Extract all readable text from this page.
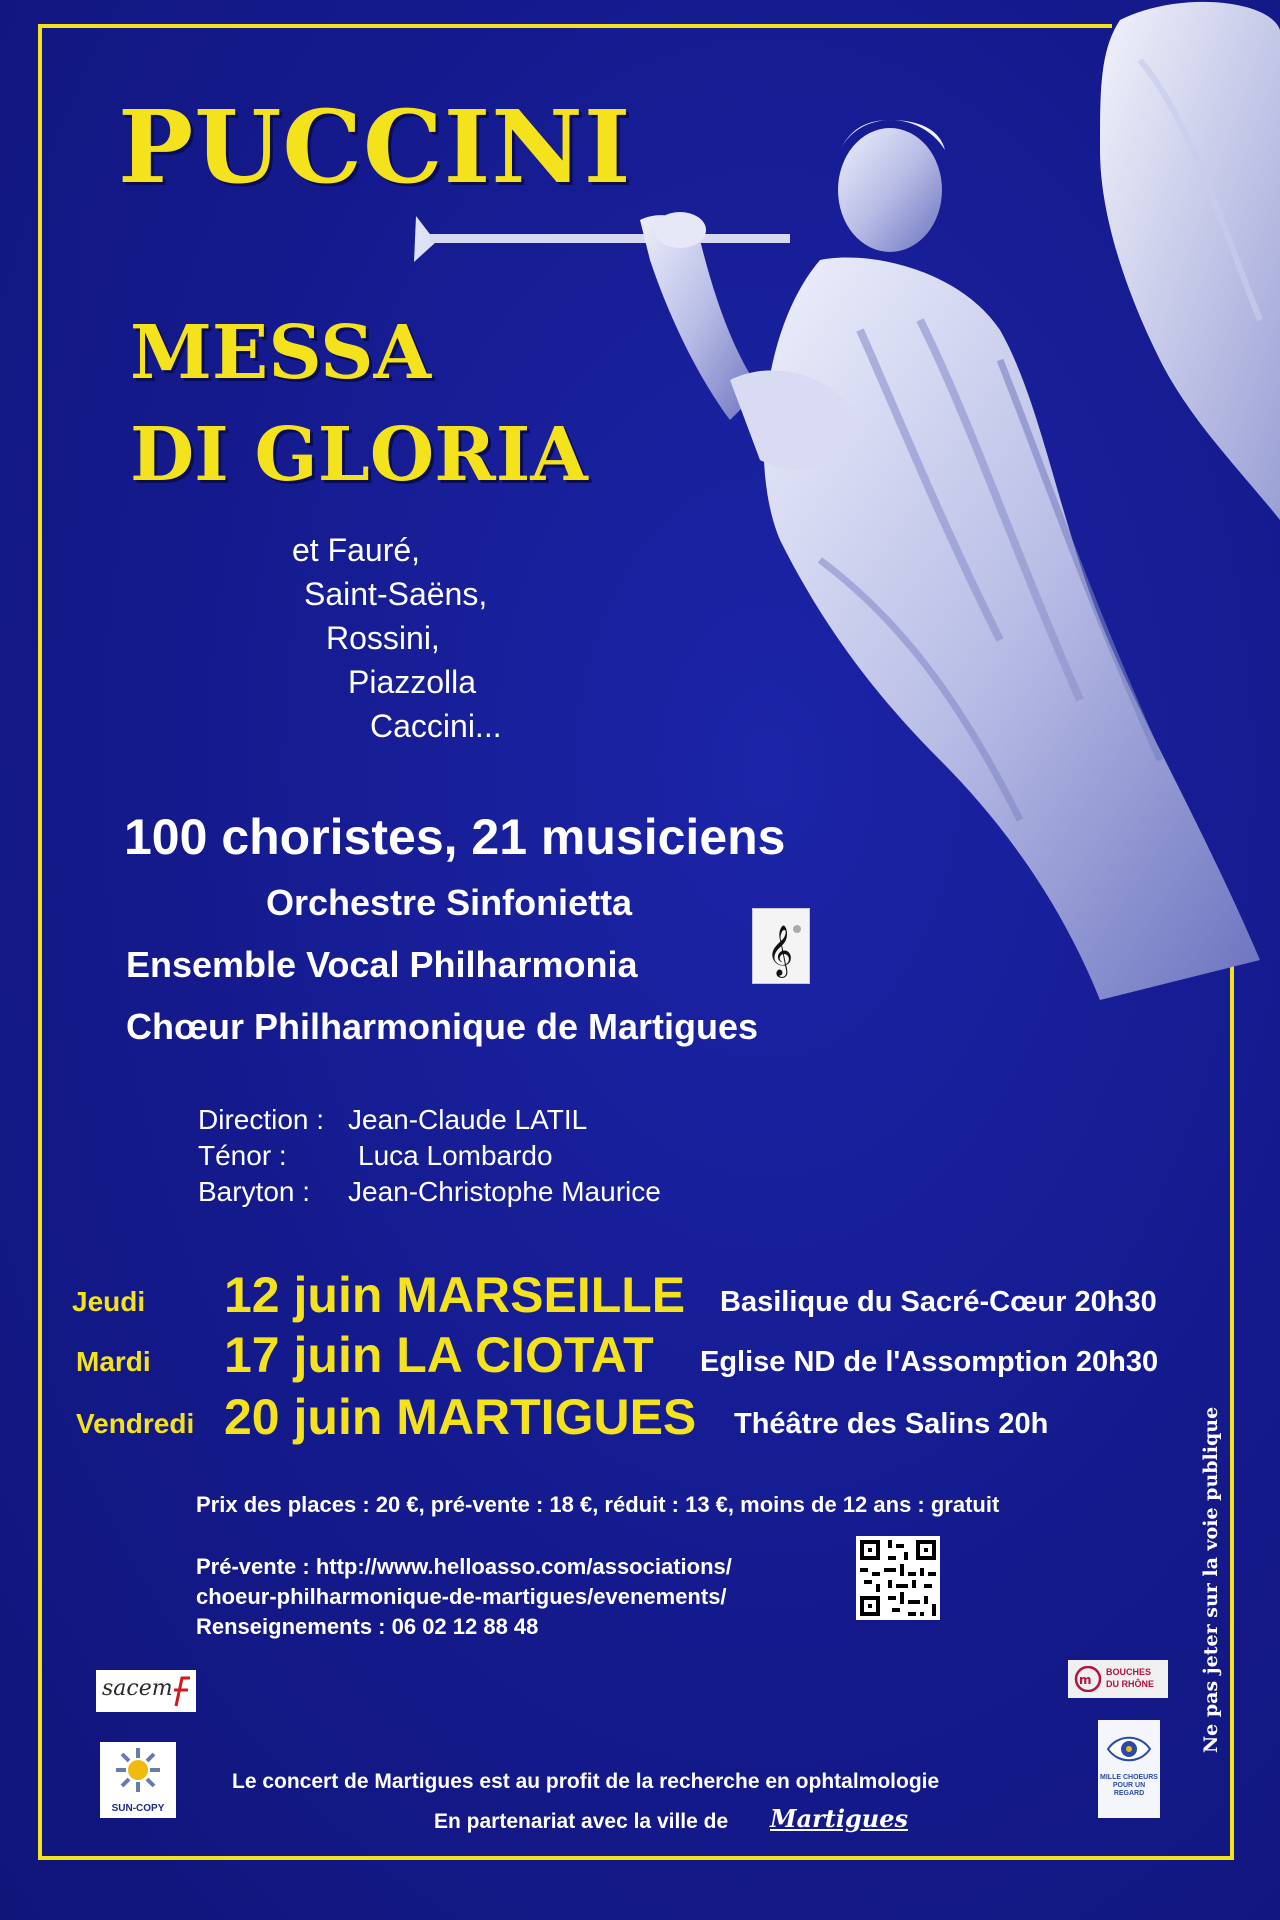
PUCCINI
MESSA
DI GLORIA
et Fauré,
Saint-Saëns,
Rossini,
Piazzolla
Caccini...
100 choristes, 21 musiciens
Orchestre Sinfonietta
Ensemble Vocal Philharmonia
Chœur Philharmonique de Martigues
𝄞
Direction : Jean-Claude LATIL
Ténor :	Luca Lombardo
Baryton : Jean-Christophe Maurice
Jeudi 12 juin MARSEILLE Basilique du Sacré-Cœur 20h30
Mardi 17 juin LA CIOTAT Eglise ND de l'Assomption 20h30
Vendredi 20 juin MARTIGUES Théâtre des Salins 20h
Prix des places : 20 €, pré-vente : 18 €, réduit : 13 €, moins de 12 ans : gratuit
Pré-vente : http://www.helloasso.com/associations/
choeur-philharmonique-de-martigues/evenements/
Renseignements : 06 02 12 88 48
sacem
SUN-COPY
m
BOUCHES DU RHÔNE
MILLE CHOEURS POUR UN REGARD
Le concert de Martigues est au profit de la recherche en ophtalmologie
En partenariat avec la ville de Martigues
Ne pas jeter sur la voie publique
